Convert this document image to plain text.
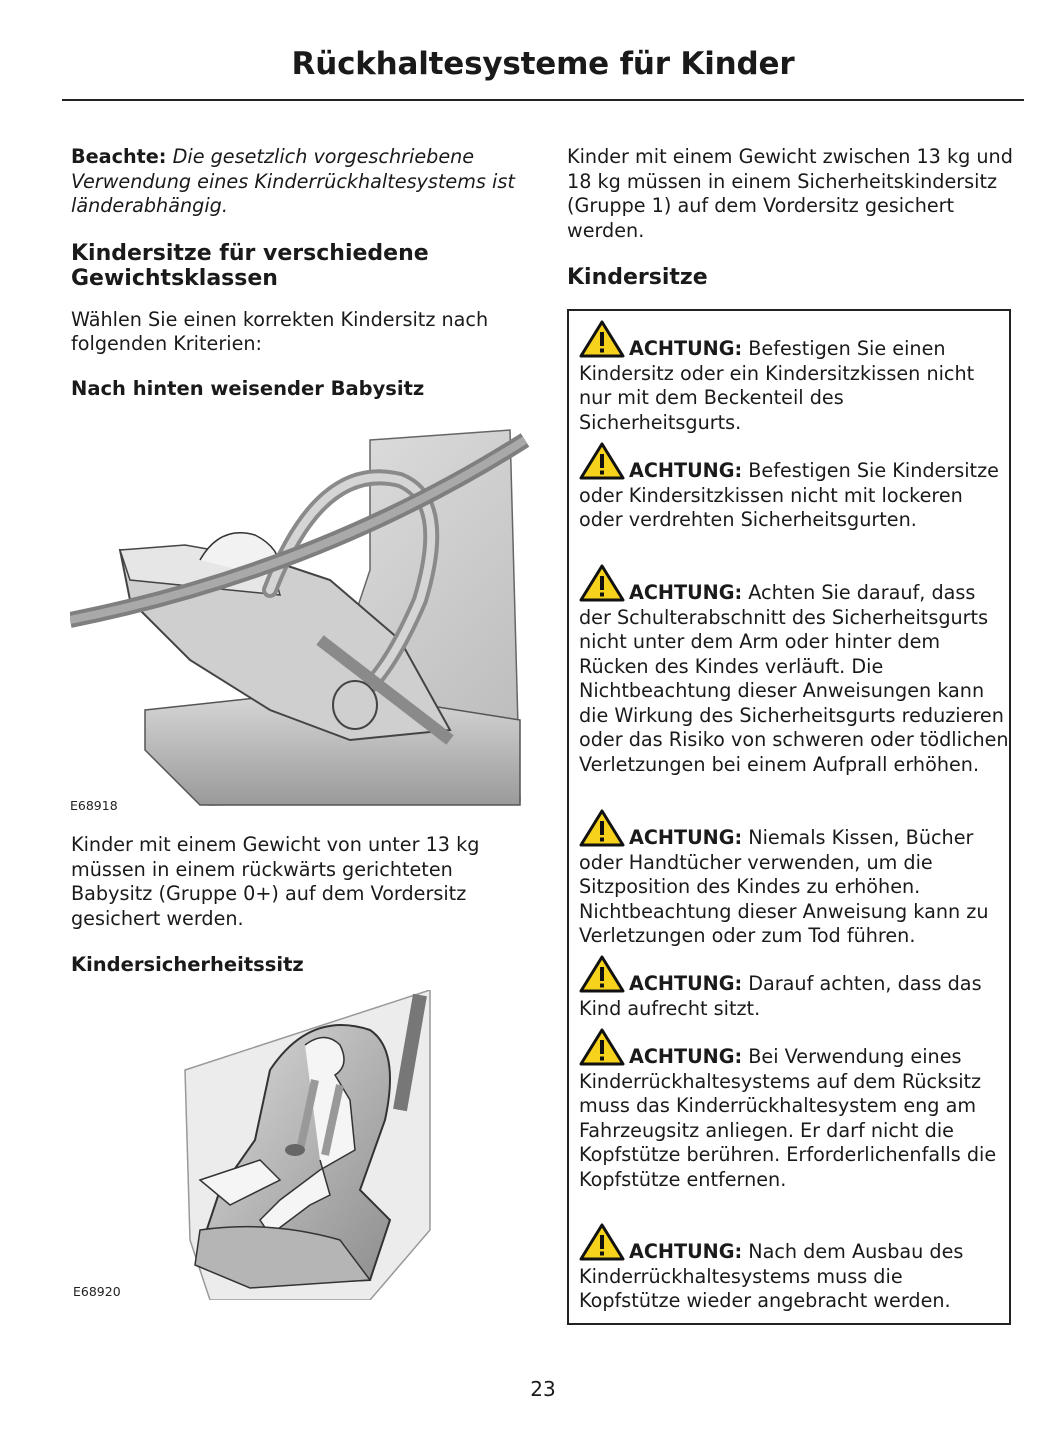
Rückhaltesysteme für Kinder

Beachte: Die gesetzlich vorgeschriebene Verwendung eines Kinderrückhaltesystems ist länderabhängig.

Kindersitze für verschiedene Gewichtsklassen

Wählen Sie einen korrekten Kindersitz nach folgenden Kriterien:

Nach hinten weisender Babysitz
E68918

Kinder mit einem Gewicht von unter 13 kg müssen in einem rückwärts gerichteten Babysitz (Gruppe 0+) auf dem Vordersitz gesichert werden.

Kindersicherheitssitz
E68920

Kinder mit einem Gewicht zwischen 13 kg und 18 kg müssen in einem Sicherheitskindersitz (Gruppe 1) auf dem Vordersitz gesichert werden.

Kindersitze
ACHTUNG: Befestigen Sie einen Kindersitz oder ein Kindersitzkissen nicht nur mit dem Beckenteil des Sicherheitsgurts.
ACHTUNG: Befestigen Sie Kindersitze oder Kindersitzkissen nicht mit lockeren oder verdrehten Sicherheitsgurten.
ACHTUNG: Achten Sie darauf, dass der Schulterabschnitt des Sicherheitsgurts nicht unter dem Arm oder hinter dem Rücken des Kindes verläuft. Die Nichtbeachtung dieser Anweisungen kann die Wirkung des Sicherheitsgurts reduzieren oder das Risiko von schweren oder tödlichen Verletzungen bei einem Aufprall erhöhen.
ACHTUNG: Niemals Kissen, Bücher oder Handtücher verwenden, um die Sitzposition des Kindes zu erhöhen. Nichtbeachtung dieser Anweisung kann zu Verletzungen oder zum Tod führen.
ACHTUNG: Darauf achten, dass das Kind aufrecht sitzt.
ACHTUNG: Bei Verwendung eines Kinderrückhaltesystems auf dem Rücksitz muss das Kinderrückhaltesystem eng am Fahrzeugsitz anliegen. Er darf nicht die Kopfstütze berühren. Erforderlichenfalls die Kopfstütze entfernen.
ACHTUNG: Nach dem Ausbau des Kinderrückhaltesystems muss die Kopfstütze wieder angebracht werden.
23
